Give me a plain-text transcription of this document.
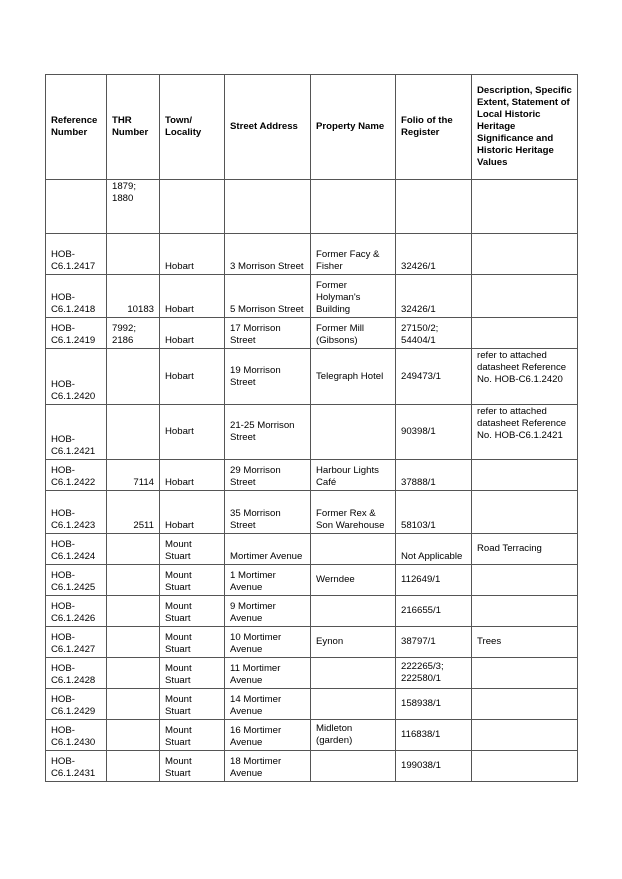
Reference Number	THR Number	Town/ Locality	Street Address	Property Name	Folio of the Register	Description, Specific Extent, Statement of Local Historic Heritage Significance and Historic Heritage Values
	1879; 1880					
HOB-C6.1.2417		Hobart	3 Morrison Street	Former Facy & Fisher	32426/1	
HOB-C6.1.2418	10183	Hobart	5 Morrison Street	Former Holyman's Building	32426/1	
HOB-C6.1.2419	7992; 2186	Hobart	17 Morrison Street	Former Mill (Gibsons)	27150/2; 54404/1	
HOB-C6.1.2420		Hobart	19 Morrison Street	Telegraph Hotel	249473/1	refer to attached datasheet Reference No. HOB-C6.1.2420
HOB-C6.1.2421		Hobart	21-25 Morrison Street		90398/1	refer to attached datasheet Reference No. HOB-C6.1.2421
HOB-C6.1.2422	7114	Hobart	29 Morrison Street	Harbour Lights Café	37888/1	
HOB-C6.1.2423	2511	Hobart	35 Morrison Street	Former Rex & Son Warehouse	58103/1	
HOB-C6.1.2424		Mount Stuart	Mortimer Avenue		Not Applicable	Road Terracing
HOB-C6.1.2425		Mount Stuart	1 Mortimer Avenue	Werndee	112649/1	
HOB-C6.1.2426		Mount Stuart	9 Mortimer Avenue		216655/1	
HOB-C6.1.2427		Mount Stuart	10 Mortimer Avenue	Eynon	38797/1	Trees
HOB-C6.1.2428		Mount Stuart	11 Mortimer Avenue		222265/3; 222580/1	
HOB-C6.1.2429		Mount Stuart	14 Mortimer Avenue		158938/1	
HOB-C6.1.2430		Mount Stuart	16 Mortimer Avenue	Midleton (garden)	116838/1	
HOB-C6.1.2431		Mount Stuart	18 Mortimer Avenue		199038/1	
